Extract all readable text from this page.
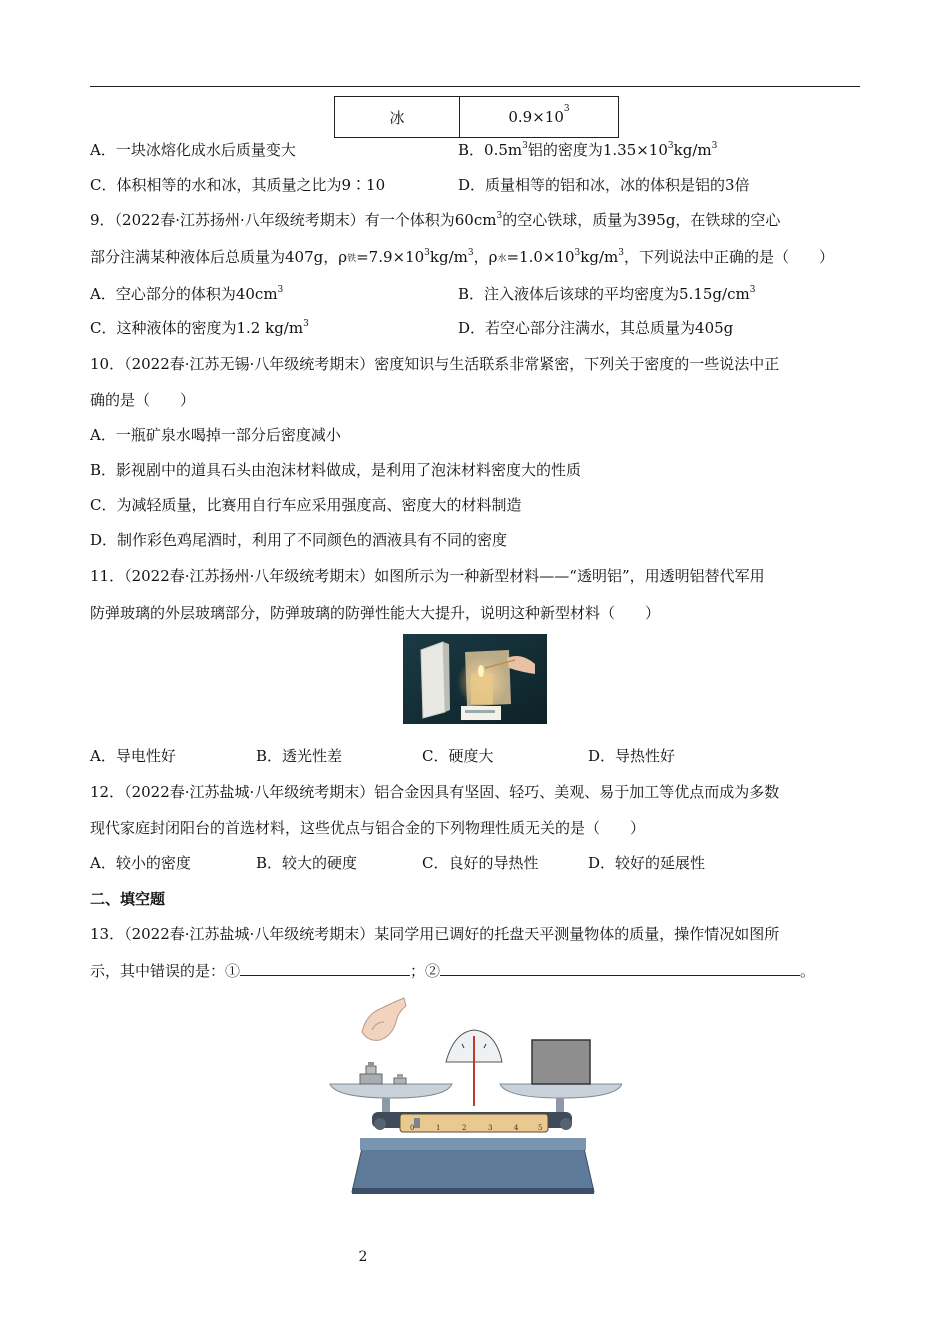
冰	$0.9\times 10^3$
A．一块冰熔化成水后质量变大	B．$0.5m^3$铝的密度为$1.35\times 10^3kg/m^3$
C．体积相等的水和冰，其质量之比为9∶10	D．质量相等的铝和冰，冰的体积是铝的3倍
9．（2022春·江苏扬州·八年级统考期末）有一个体积为$60cm^3$的空心铁球，质量为395g，在铁球的空心
部分注满某种液体后总质量为407g，$\rho_铁=7.9\times 10^3kg/m^3$，$\rho_水=1.0\times 10^3kg/m^3$，下列说法中正确的是（　　）
A．空心部分的体积为$40cm^3$	B．注入液体后该球的平均密度为$5.15g/cm^3$
C．这种液体的密度为1.2 $kg/m^3$	D．若空心部分注满水，其总质量为405g
10．（2022春·江苏无锡·八年级统考期末）密度知识与生活联系非常紧密，下列关于密度的一些说法中正
确的是（　　）
A．一瓶矿泉水喝掉一部分后密度减小
B．影视剧中的道具石头由泡沫材料做成，是利用了泡沫材料密度大的性质
C．为减轻质量，比赛用自行车应采用强度高、密度大的材料制造
D．制作彩色鸡尾酒时，利用了不同颜色的酒液具有不同的密度
11．（2022春·江苏扬州·八年级统考期末）如图所示为一种新型材料——“透明铝”，用透明铝替代军用
防弹玻璃的外层玻璃部分，防弹玻璃的防弹性能大大提升，说明这种新型材料（　　）
A．导电性好	B．透光性差	C．硬度大	D．导热性好
12．（2022春·江苏盐城·八年级统考期末）铝合金因具有坚固、轻巧、美观、易于加工等优点而成为多数
现代家庭封闭阳台的首选材料，这些优点与铝合金的下列物理性质无关的是（　　）
A．较小的密度	B．较大的硬度	C．良好的导热性	D．较好的延展性
二、填空题
13．（2022春·江苏盐城·八年级统考期末）某同学用已调好的托盘天平测量物体的质量，操作情况如图所
示，其中错误的是：①	；②	。
0	1	2	3	4	5
2
